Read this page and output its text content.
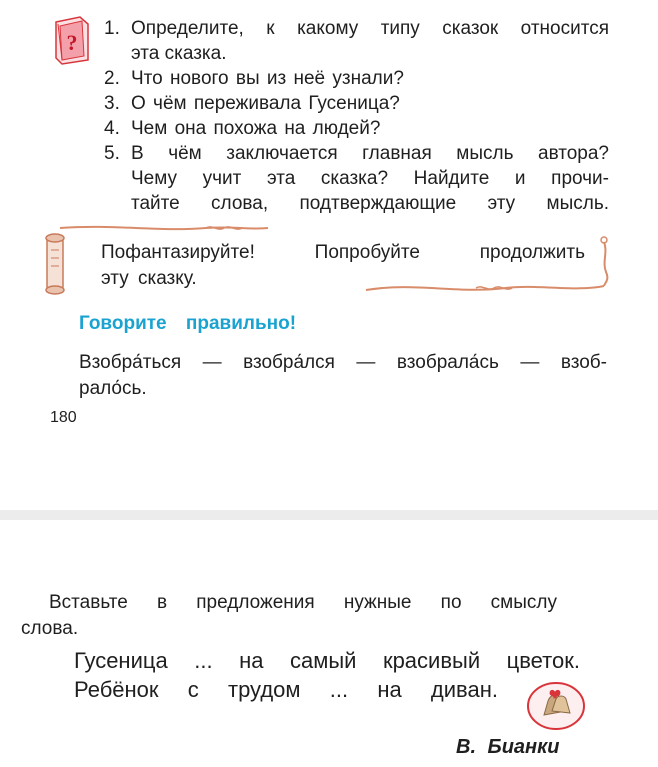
?
1. Определите, к какому типу сказок относится
эта сказка.
2. Что нового вы из неё узнали?
3. О чём переживала Гусеница?
4. Чем она похожа на людей?
5. В чём заключается главная мысль автора?
Чему учит эта сказка? Найдите и прочи-
тайте слова, подтверждающие эту мысль.
Пофантазируйте! Попробуйте продолжить
эту сказку.
Говорите правильно!
Взобра́ться — взобра́лся — взобрала́сь — взоб-
рало́сь.
180
Вставьте в предложения нужные по смыслу
слова.
Гусеница ... на самый красивый цветок.
Ребёнок с трудом ... на диван.
В. Бианки
